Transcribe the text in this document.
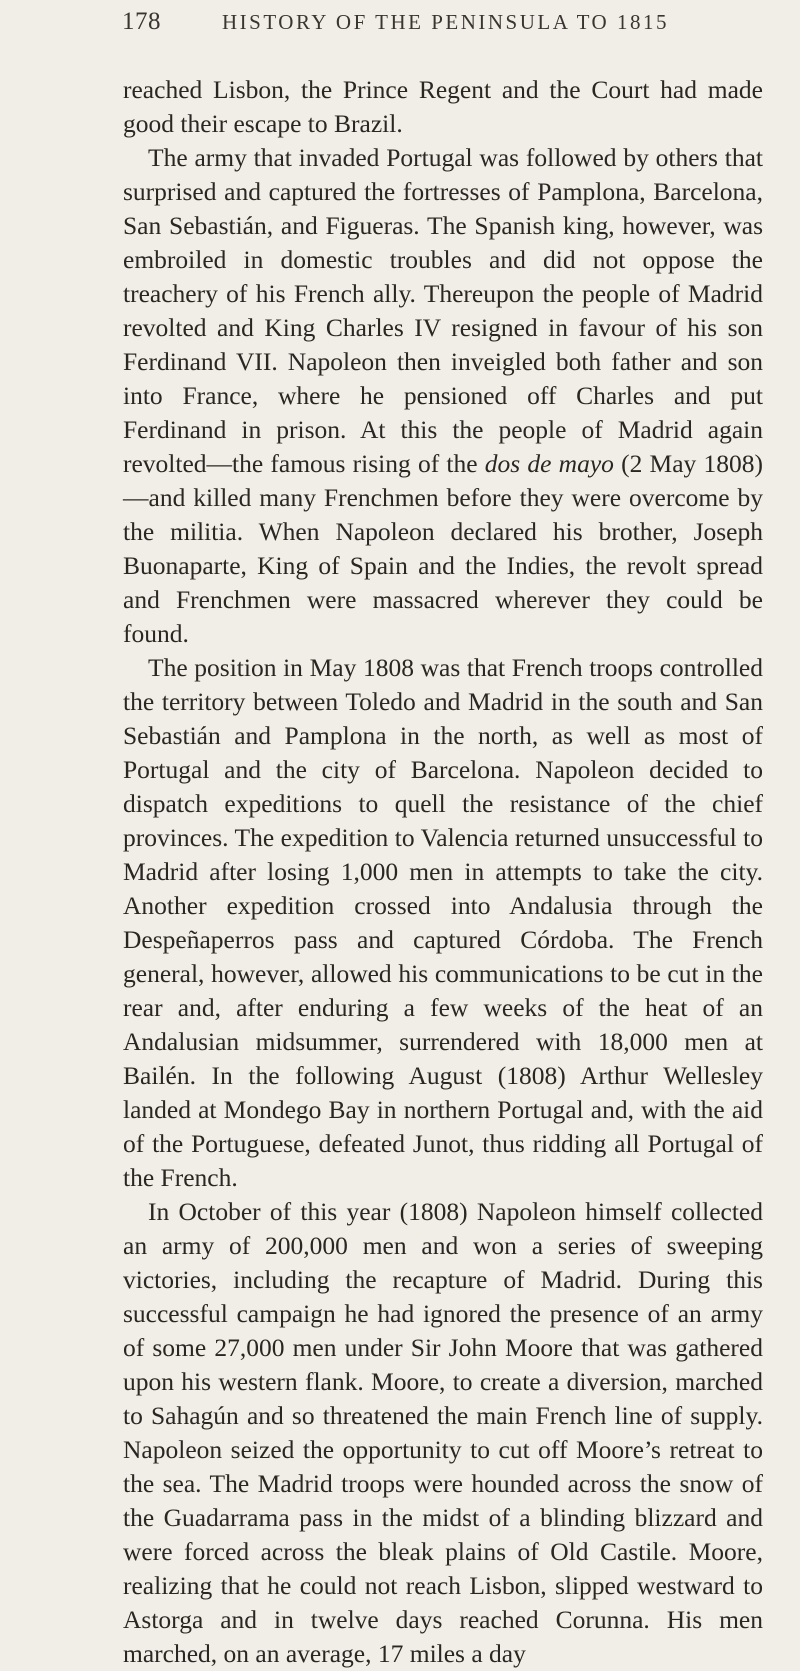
178	HISTORY OF THE PENINSULA TO 1815

reached Lisbon, the Prince Regent and the Court had made good their escape to Brazil.

The army that invaded Portugal was followed by others that surprised and captured the fortresses of Pamplona, Barcelona, San Sebastián, and Figueras. The Spanish king, however, was embroiled in domestic troubles and did not oppose the treachery of his French ally. Thereupon the people of Madrid revolted and King Charles IV resigned in favour of his son Ferdinand VII. Napoleon then inveigled both father and son into France, where he pensioned off Charles and put Ferdinand in prison. At this the people of Madrid again revolted—the famous rising of the dos de mayo (2 May 1808)—and killed many Frenchmen before they were overcome by the militia. When Napoleon declared his brother, Joseph Buonaparte, King of Spain and the Indies, the revolt spread and Frenchmen were massacred wherever they could be found.

The position in May 1808 was that French troops controlled the territory between Toledo and Madrid in the south and San Sebastián and Pamplona in the north, as well as most of Portugal and the city of Barcelona. Napoleon decided to dispatch expeditions to quell the resistance of the chief provinces. The expedition to Valencia returned unsuccessful to Madrid after losing 1,000 men in attempts to take the city. Another expedition crossed into Andalusia through the Despeñaperros pass and captured Córdoba. The French general, however, allowed his communications to be cut in the rear and, after enduring a few weeks of the heat of an Andalusian midsummer, surrendered with 18,000 men at Bailén. In the following August (1808) Arthur Wellesley landed at Mondego Bay in northern Portugal and, with the aid of the Portuguese, defeated Junot, thus ridding all Portugal of the French.

In October of this year (1808) Napoleon himself collected an army of 200,000 men and won a series of sweeping victories, including the recapture of Madrid. During this successful campaign he had ignored the presence of an army of some 27,000 men under Sir John Moore that was gathered upon his western flank. Moore, to create a diversion, marched to Sahagún and so threatened the main French line of supply. Napoleon seized the opportunity to cut off Moore’s retreat to the sea. The Madrid troops were hounded across the snow of the Guadarrama pass in the midst of a blinding blizzard and were forced across the bleak plains of Old Castile. Moore, realizing that he could not reach Lisbon, slipped westward to Astorga and in twelve days reached Corunna. His men marched, on an average, 17 miles a day
